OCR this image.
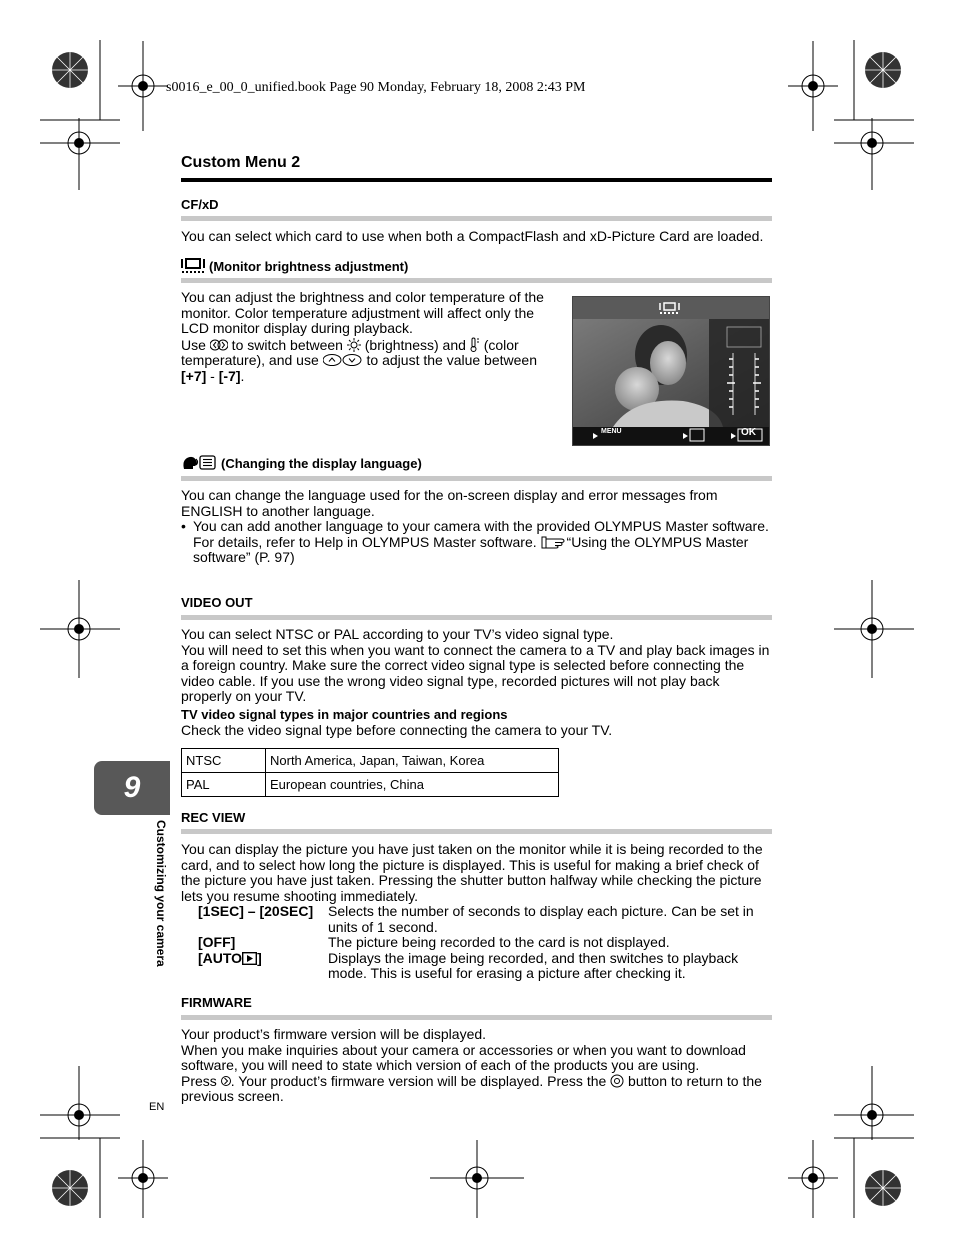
s0016_e_00_0_unified.book Page 90 Monday, February 18, 2008 2:43 PM
Custom Menu 2
CF/xD
You can select which card to use when both a CompactFlash and xD-Picture Card are loaded.
(Monitor brightness adjustment)

You can adjust the brightness and color temperature of the monitor. Color temperature adjustment will affect only the LCD monitor display during playback.

Use  to switch between  (brightness) and  (color temperature), and use	to adjust the value between [+7] - [-7].

MENU	OK
(Changing the display language)

You can change the language used for the on-screen display and error messages from ENGLISH to another language.

• You can add another language to your camera with the provided OLYMPUS Master software.

For details, refer to Help in OLYMPUS Master software. “Using the OLYMPUS Master software” (P. 97)

VIDEO OUT

You can select NTSC or PAL according to your TV’s video signal type.

You will need to set this when you want to connect the camera to a TV and play back images in a foreign country. Make sure the correct video signal type is selected before connecting the video cable. If you use the wrong video signal type, recorded pictures will not play back properly on your TV.

TV video signal types in major countries and regions

Check the video signal type before connecting the camera to your TV.

NTSC	North America, Japan, Taiwan, Korea
PAL	European countries, China
9
Customizing your camera
REC VIEW
You can display the picture you have just taken on the monitor while it is being recorded to the card, and to select how long the picture is displayed. This is useful for making a brief check of the picture you have just taken. Pressing the shutter button halfway while checking the picture lets you resume shooting immediately.
[1SEC] – [20SEC]	Selects the number of seconds to display each picture. Can be set in units of 1 second.
[OFF]	The picture being recorded to the card is not displayed.
[AUTO ]	Displays the image being recorded, and then switches to playback mode. This is useful for erasing a picture after checking it.
FIRMWARE

Your product’s firmware version will be displayed.

When you make inquiries about your camera or accessories or when you want to download software, you will need to state which version of each of the products you are using.

Press . Your product’s firmware version will be displayed. Press the  button to return to the previous screen.

EN
